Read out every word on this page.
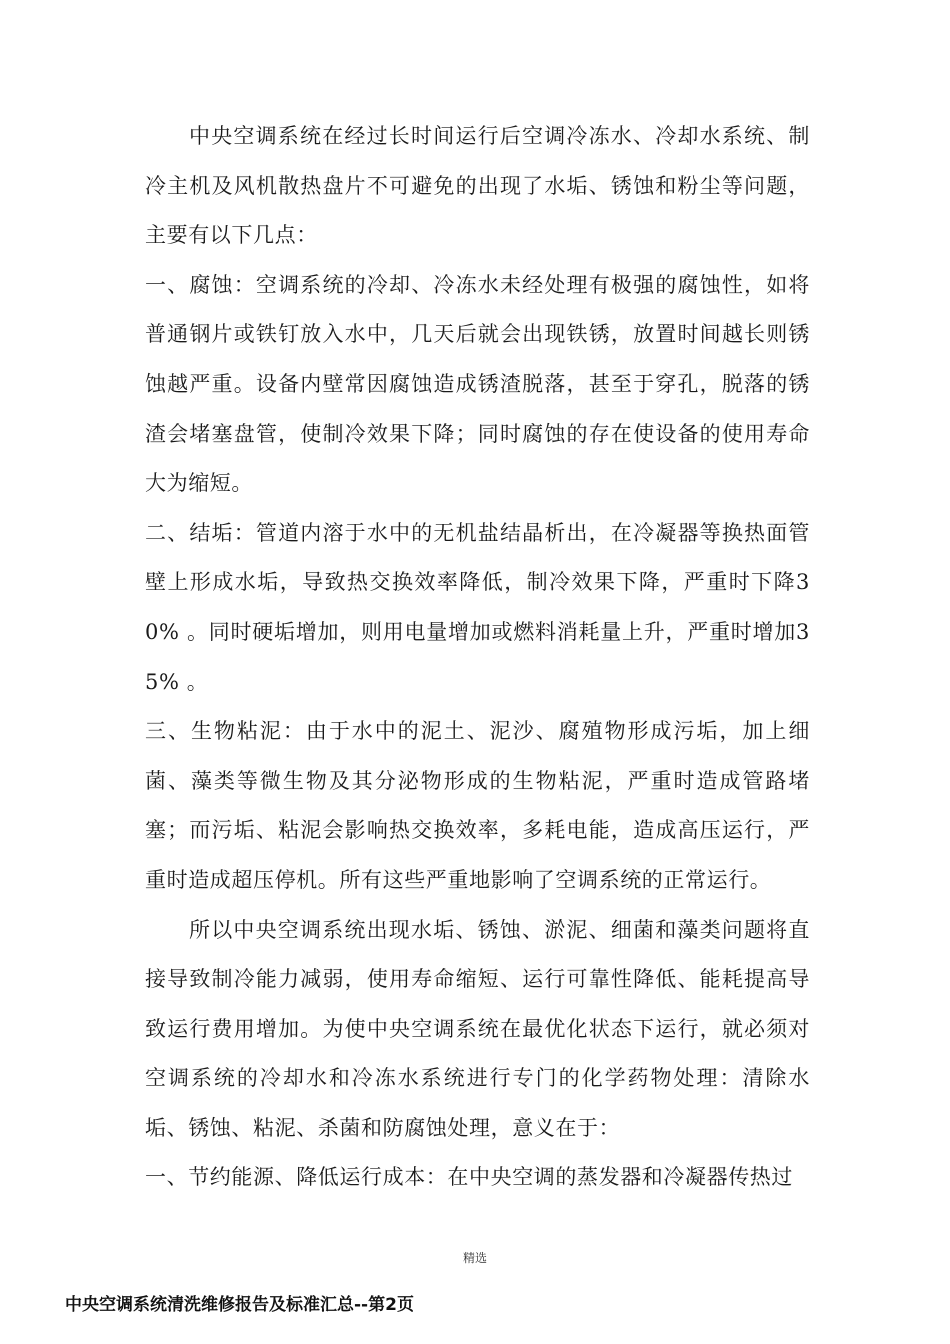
中央空调系统在经过长时间运行后空调冷冻水、冷却水系统、制冷主机及风机散热盘片不可避免的出现了水垢、锈蚀和粉尘等问题，主要有以下几点：

一、腐蚀：空调系统的冷却、冷冻水未经处理有极强的腐蚀性，如将普通钢片或铁钉放入水中，几天后就会出现铁锈，放置时间越长则锈蚀越严重。设备内壁常因腐蚀造成锈渣脱落，甚至于穿孔，脱落的锈渣会堵塞盘管，使制冷效果下降；同时腐蚀的存在使设备的使用寿命大为缩短。

二、结垢：管道内溶于水中的无机盐结晶析出，在冷凝器等换热面管壁上形成水垢，导致热交换效率降低，制冷效果下降，严重时下降30% 。同时硬垢增加，则用电量增加或燃料消耗量上升，严重时增加35% 。

三、生物粘泥：由于水中的泥土、泥沙、腐殖物形成污垢，加上细菌、藻类等微生物及其分泌物形成的生物粘泥，严重时造成管路堵塞；而污垢、粘泥会影响热交换效率，多耗电能，造成高压运行，严重时造成超压停机。所有这些严重地影响了空调系统的正常运行。

所以中央空调系统出现水垢、锈蚀、淤泥、细菌和藻类问题将直接导致制冷能力减弱，使用寿命缩短、运行可靠性降低、能耗提高导致运行费用增加。为使中央空调系统在最优化状态下运行，就必须对空调系统的冷却水和冷冻水系统进行专门的化学药物处理：清除水垢、锈蚀、粘泥、杀菌和防腐蚀处理，意义在于：

一、节约能源、降低运行成本：在中央空调的蒸发器和冷凝器传热过

精选
中央空调系统清洗维修报告及标准汇总--第2页
